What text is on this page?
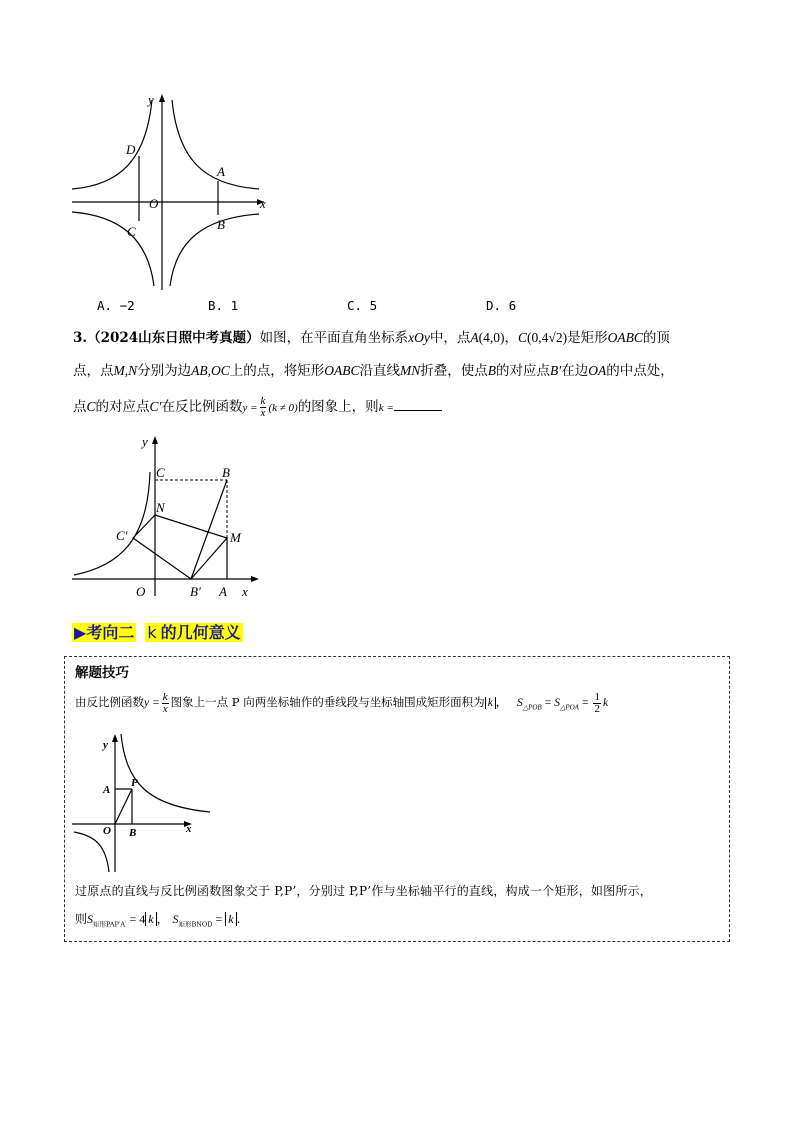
y
x
O
D
C
A
B
A. −2	B. 1	C. 5	D. 6
3.（2024山东日照中考真题）如图，在平面直角坐标系xOy中，点A(4,0)，C(0,4√2)是矩形OABC的顶
点，点M,N分别为边AB,OC上的点，将矩形OABC沿直线MN折叠，使点B的对应点B′在边OA的中点处，
点C的对应点C′在反比例函数$y = \frac{k}{x} (k \ne 0)$的图象上，则k =
y
x
O
C	B
N
C′	M
B′ A
▶考向二 k 的几何意义
解题技巧
由反比例函数$y = \frac{k}{x}$ 图象上一点 P 向两坐标轴作的垂线段与坐标轴围成矩形面积为 k ， $S_{\triangle POB} = S_{\triangle POA} = \frac{1}{2}$ k
y
x
O
A
B
P
过原点的直线与反比例函数图象交于 P,P’，分别过 P,P’作与坐标轴平行的直线，构成一个矩形，如图所示，
则$S_{矩形PAP'A'} = 4$ k ， $S_{矩形BNOD} = k$ .
